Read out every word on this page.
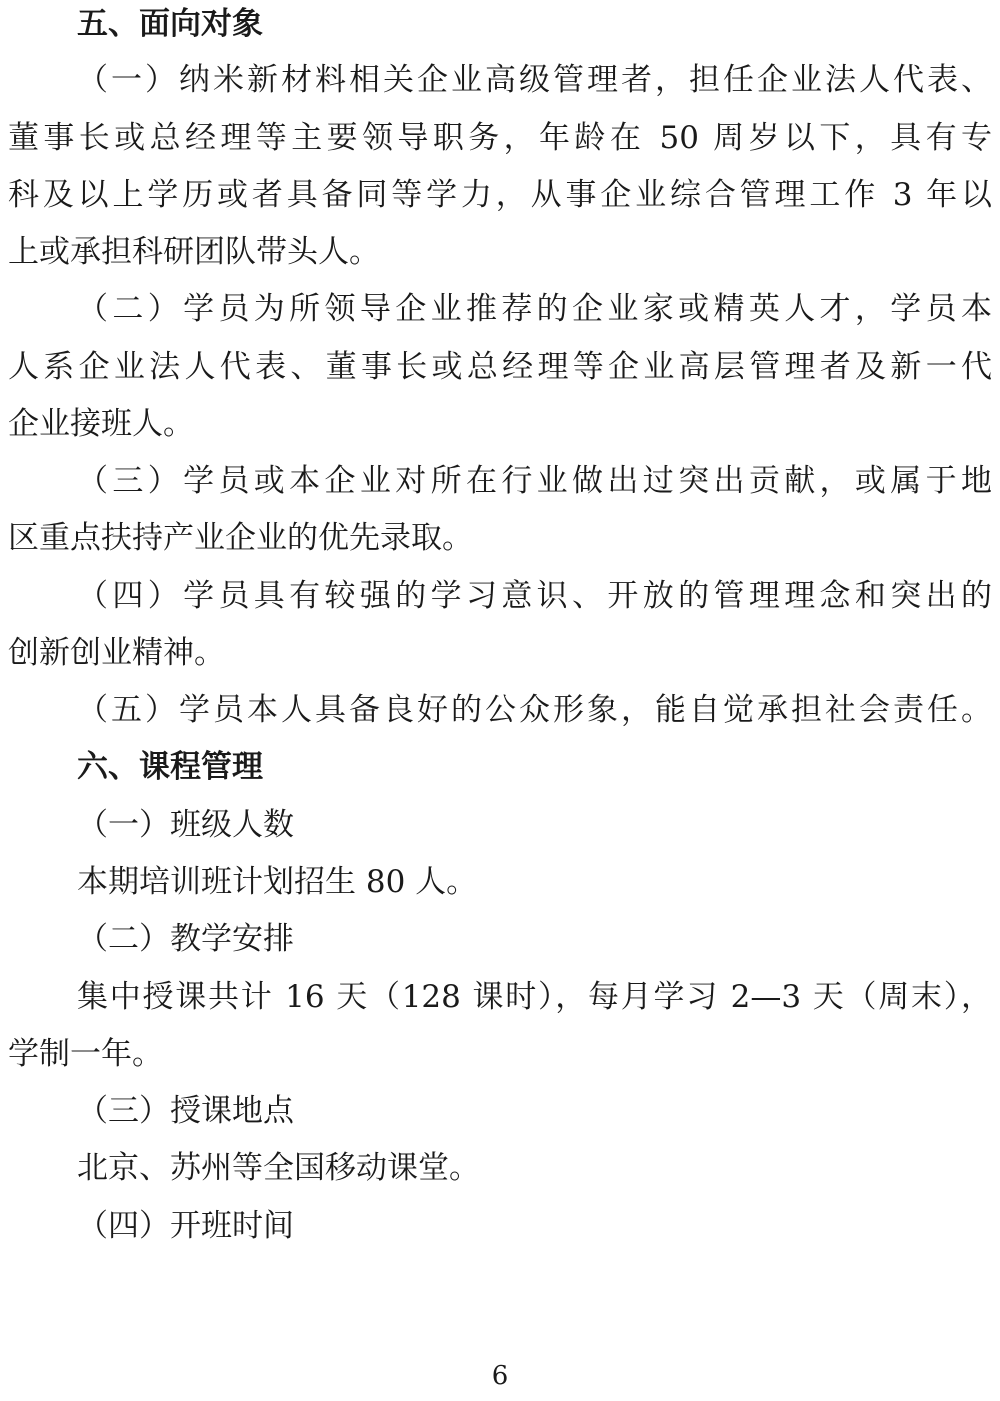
五、面向对象
（一）纳米新材料相关企业高级管理者，担任企业法人代表、
董事长或总经理等主要领导职务，年龄在 50 周岁以下，具有专
科及以上学历或者具备同等学力，从事企业综合管理工作 3 年以
上或承担科研团队带头人。
（二）学员为所领导企业推荐的企业家或精英人才，学员本
人系企业法人代表、董事长或总经理等企业高层管理者及新一代
企业接班人。
（三）学员或本企业对所在行业做出过突出贡献，或属于地
区重点扶持产业企业的优先录取。
（四）学员具有较强的学习意识、开放的管理理念和突出的
创新创业精神。
（五）学员本人具备良好的公众形象，能自觉承担社会责任。
六、课程管理
（一）班级人数
本期培训班计划招生 80 人。
（二）教学安排
集中授课共计 16 天（128 课时），每月学习 2—3 天（周末），
学制一年。
（三）授课地点
北京、苏州等全国移动课堂。
（四）开班时间
6
